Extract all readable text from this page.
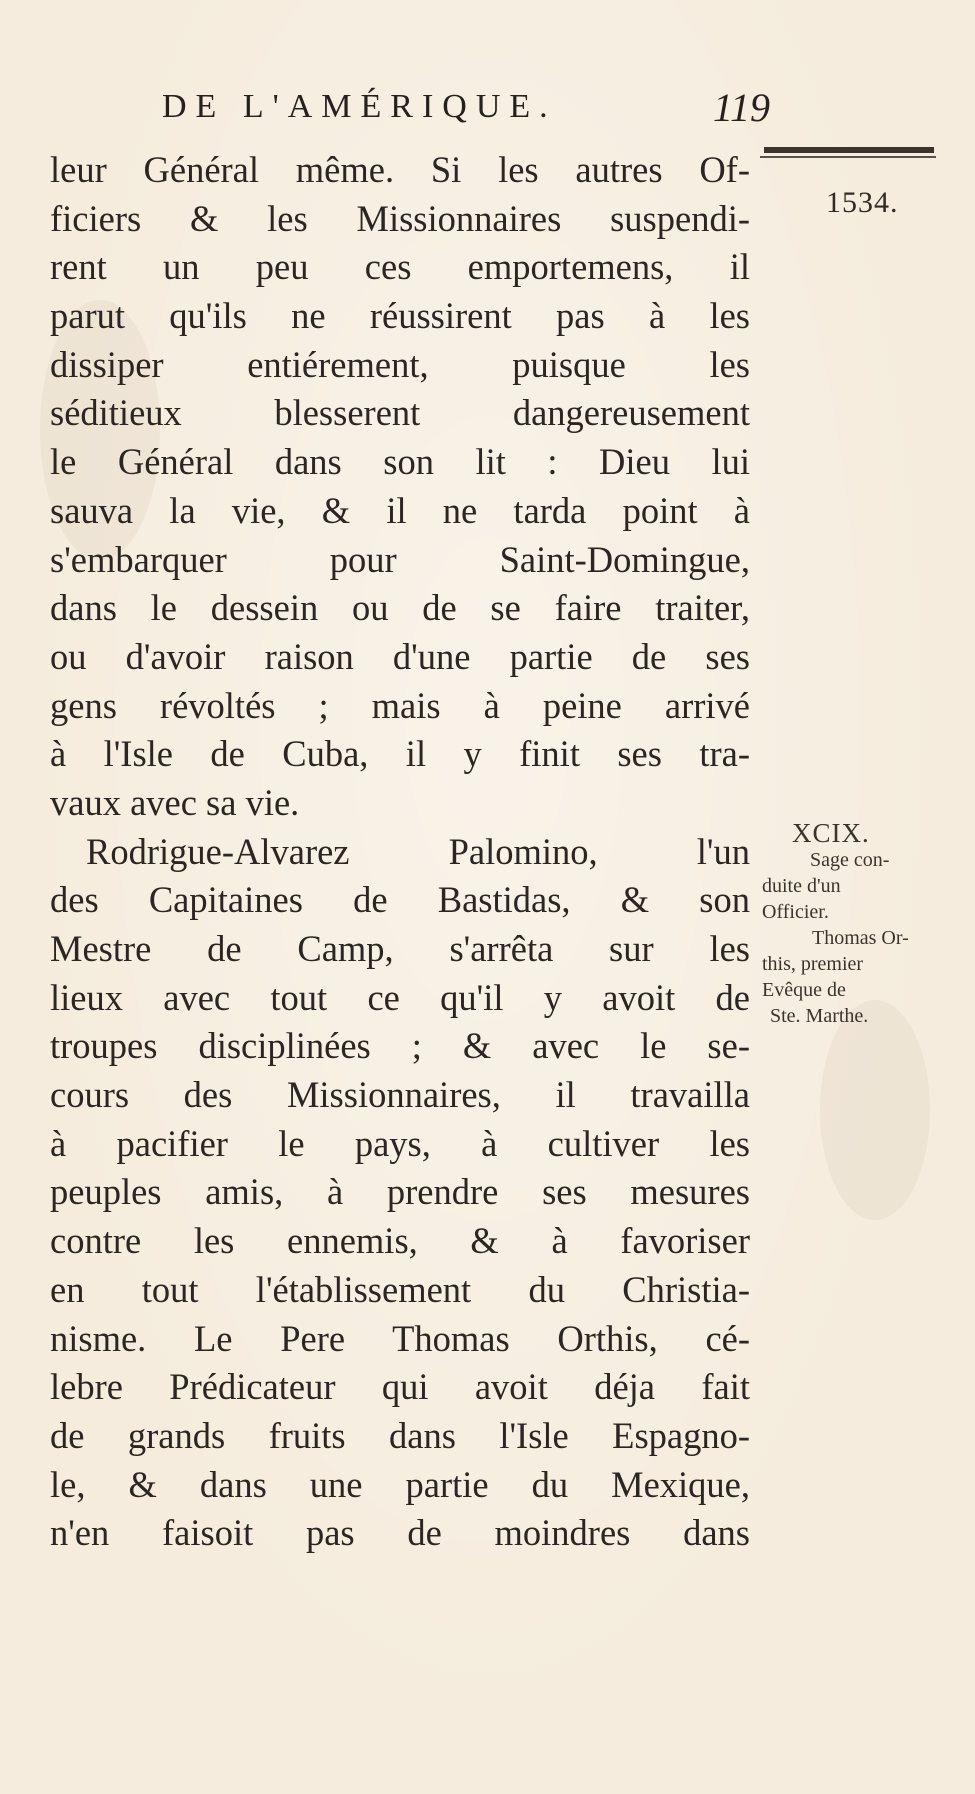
DE L'AMÉRIQUE.	119
1534.
XCIX.
Sage con-
duite d'un
Officier.
Thomas Or-
this, premier
Evêque de
Ste. Marthe.
leur Général même. Si les autres Of-
ficiers & les Missionnaires suspendi-
rent un peu ces emportemens, il
parut qu'ils ne réussirent pas à les
dissiper entiérement, puisque les
séditieux blesserent dangereusement
le Général dans son lit : Dieu lui
sauva la vie, & il ne tarda point à
s'embarquer pour Saint-Domingue,
dans le dessein ou de se faire traiter,
ou d'avoir raison d'une partie de ses
gens révoltés ; mais à peine arrivé
à l'Isle de Cuba, il y finit ses tra-
vaux avec sa vie.
Rodrigue-Alvarez Palomino, l'un
des Capitaines de Bastidas, & son
Mestre de Camp, s'arrêta sur les
lieux avec tout ce qu'il y avoit de
troupes disciplinées ; & avec le se-
cours des Missionnaires, il travailla
à pacifier le pays, à cultiver les
peuples amis, à prendre ses mesures
contre les ennemis, & à favoriser
en tout l'établissement du Christia-
nisme. Le Pere Thomas Orthis, cé-
lebre Prédicateur qui avoit déja fait
de grands fruits dans l'Isle Espagno-
le, & dans une partie du Mexique,
n'en faisoit pas de moindres dans
